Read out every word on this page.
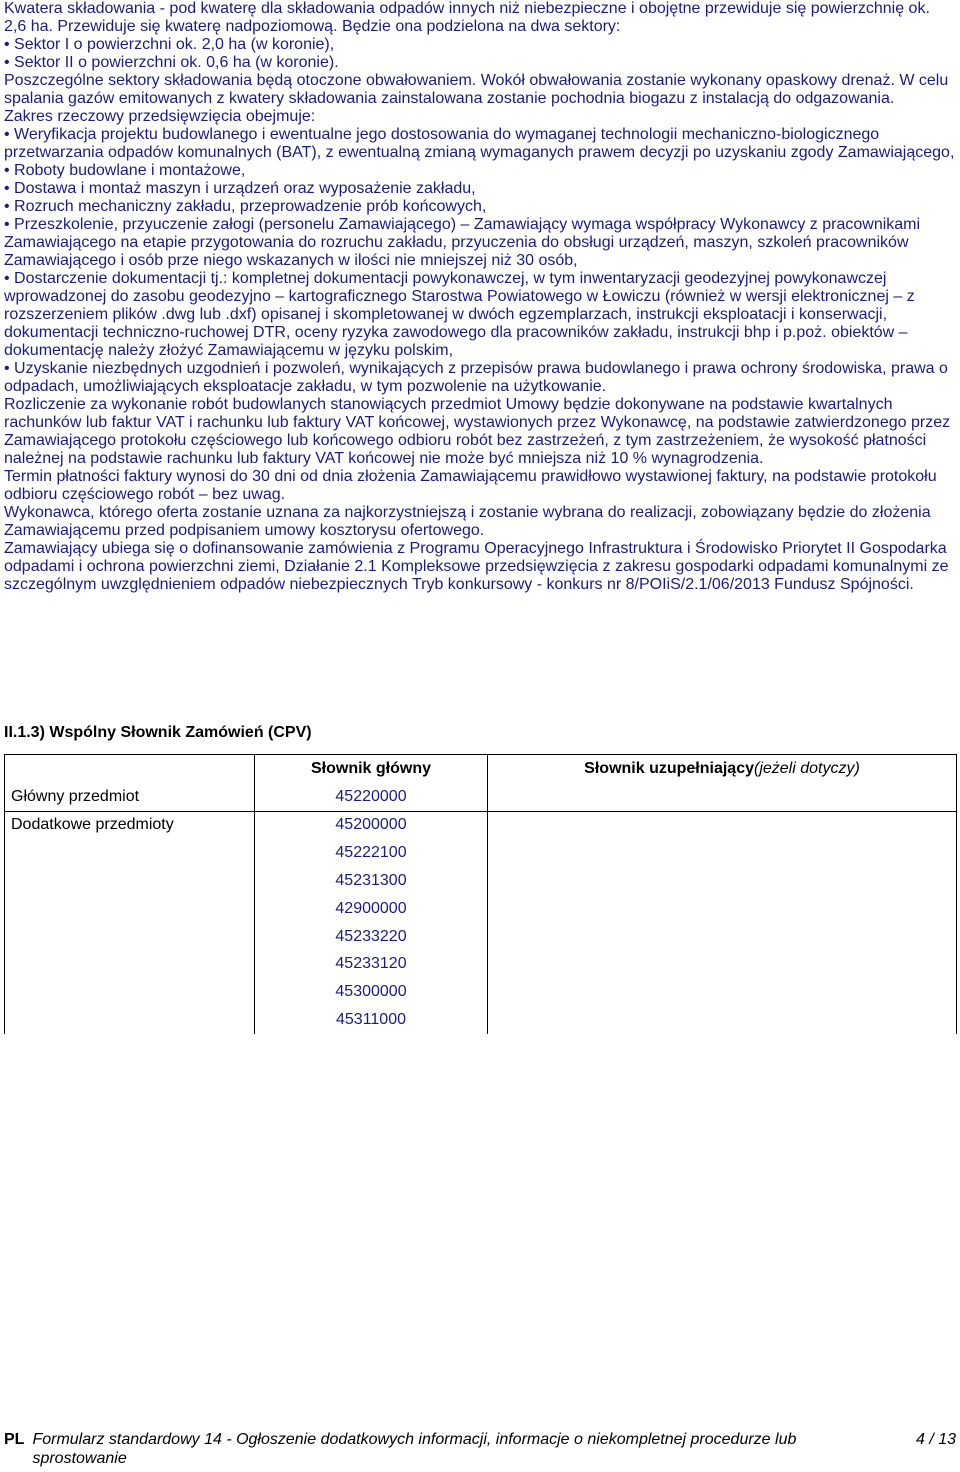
Kwatera składowania - pod kwaterę dla składowania odpadów innych niż niebezpieczne i obojętne przewiduje się powierzchnię ok. 2,6 ha. Przewiduje się kwaterę nadpoziomową. Będzie ona podzielona na dwa sektory:

• Sektor I o powierzchni ok. 2,0 ha (w koronie),

• Sektor II o powierzchni ok. 0,6 ha (w koronie).

Poszczególne sektory składowania będą otoczone obwałowaniem. Wokół obwałowania zostanie wykonany opaskowy drenaż. W celu spalania gazów emitowanych z kwatery składowania zainstalowana zostanie pochodnia biogazu z instalacją do odgazowania.

Zakres rzeczowy przedsięwzięcia obejmuje:

• Weryfikacja projektu budowlanego i ewentualne jego dostosowania do wymaganej technologii mechaniczno-biologicznego przetwarzania odpadów komunalnych (BAT), z ewentualną zmianą wymaganych prawem decyzji po uzyskaniu zgody Zamawiającego,

• Roboty budowlane i montażowe,

• Dostawa i montaż maszyn i urządzeń oraz wyposażenie zakładu,

• Rozruch mechaniczny zakładu, przeprowadzenie prób końcowych,

• Przeszkolenie, przyuczenie załogi (personelu Zamawiającego) – Zamawiający wymaga współpracy Wykonawcy z pracownikami Zamawiającego na etapie przygotowania do rozruchu zakładu, przyuczenia do obsługi urządzeń, maszyn, szkoleń pracowników Zamawiającego i osób prze niego wskazanych w ilości nie mniejszej niż 30 osób,

• Dostarczenie dokumentacji tj.: kompletnej dokumentacji powykonawczej, w tym inwentaryzacji geodezyjnej powykonawczej wprowadzonej do zasobu geodezyjno – kartograficznego Starostwa Powiatowego w Łowiczu (również w wersji elektronicznej – z rozszerzeniem plików .dwg lub .dxf) opisanej i skompletowanej w dwóch egzemplarzach, instrukcji eksploatacji i konserwacji, dokumentacji techniczno-ruchowej DTR, oceny ryzyka zawodowego dla pracowników zakładu, instrukcji bhp i p.poż. obiektów – dokumentację należy złożyć Zamawiającemu w języku polskim,

• Uzyskanie niezbędnych uzgodnień i pozwoleń, wynikających z przepisów prawa budowlanego i prawa ochrony środowiska, prawa o odpadach, umożliwiających eksploatacje zakładu, w tym pozwolenie na użytkowanie.

Rozliczenie za wykonanie robót budowlanych stanowiących przedmiot Umowy będzie dokonywane na podstawie kwartalnych rachunków lub faktur VAT i rachunku lub faktury VAT końcowej, wystawionych przez Wykonawcę, na podstawie zatwierdzonego przez Zamawiającego protokołu częściowego lub końcowego odbioru robót bez zastrzeżeń, z tym zastrzeżeniem, że wysokość płatności należnej na podstawie rachunku lub faktury VAT końcowej nie może być mniejsza niż 10 % wynagrodzenia.

Termin płatności faktury wynosi do 30 dni od dnia złożenia Zamawiającemu prawidłowo wystawionej faktury, na podstawie protokołu odbioru częściowego robót – bez uwag.

Wykonawca, którego oferta zostanie uznana za najkorzystniejszą i zostanie wybrana do realizacji, zobowiązany będzie do złożenia Zamawiającemu przed podpisaniem umowy kosztorysu ofertowego.

Zamawiający ubiega się o dofinansowanie zamówienia z Programu Operacyjnego Infrastruktura i Środowisko Priorytet II Gospodarka odpadami i ochrona powierzchni ziemi, Działanie 2.1 Kompleksowe przedsięwzięcia z zakresu gospodarki odpadami komunalnymi ze szczególnym uwzględnieniem odpadów niebezpiecznych Tryb konkursowy - konkurs nr 8/POIiS/2.1/06/2013 Fundusz Spójności.

II.1.3) Wspólny Słownik Zamówień (CPV)

	Słownik główny	Słownik uzupełniający(jeżeli dotyczy)
Główny przedmiot	45220000	
Dodatkowe przedmioty	45200000	
	45222100	
	45231300	
	42900000	
	45233220	
	45233120	
	45300000	
	45311000	
PL Formularz standardowy 14 - Ogłoszenie dodatkowych informacji, informacje o niekompletnej procedurze lub sprostowanie
4 / 13
